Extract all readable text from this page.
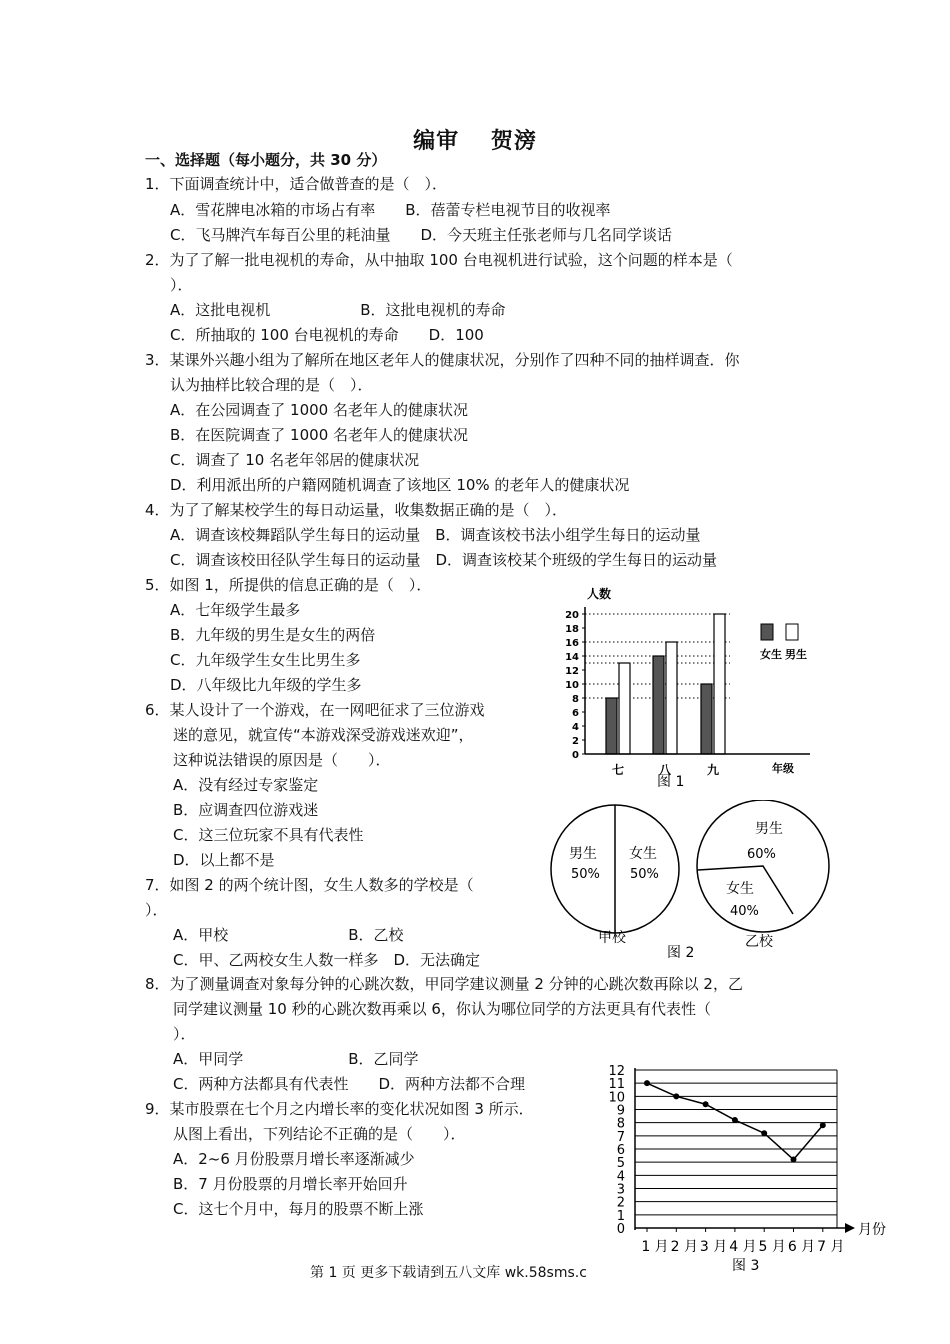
编审　 贺滂
一、选择题（每小题分，共 30 分）
1．下面调查统计中，适合做普查的是（　）．
A．雪花牌电冰箱的市场占有率　　B．蓓蕾专栏电视节目的收视率
C．飞马牌汽车每百公里的耗油量　　D．今天班主任张老师与几名同学谈话
2．为了了解一批电视机的寿命，从中抽取 100 台电视机进行试验，这个问题的样本是（
）．
A．这批电视机　　　　　　B．这批电视机的寿命
C．所抽取的 100 台电视机的寿命　　D．100
3．某课外兴趣小组为了解所在地区老年人的健康状况，分别作了四种不同的抽样调查．你
认为抽样比较合理的是（　）．
A．在公园调查了 1000 名老年人的健康状况
B．在医院调查了 1000 名老年人的健康状况
C．调查了 10 名老年邻居的健康状况
D．利用派出所的户籍网随机调查了该地区 10% 的老年人的健康状况
4．为了了解某校学生的每日动运量，收集数据正确的是（　）．
A．调查该校舞蹈队学生每日的运动量　B．调查该校书法小组学生每日的运动量
C．调查该校田径队学生每日的运动量　D．调查该校某个班级的学生每日的运动量
5．如图 1，所提供的信息正确的是（　）．
A．七年级学生最多
B．九年级的男生是女生的两倍
C．九年级学生女生比男生多
D．八年级比九年级的学生多
6．某人设计了一个游戏，在一网吧征求了三位游戏
迷的意见，就宣传“本游戏深受游戏迷欢迎”，
这种说法错误的原因是（　　）．
A．没有经过专家鉴定
B．应调查四位游戏迷
C．这三位玩家不具有代表性
D．以上都不是
7．如图 2 的两个统计图，女生人数多的学校是（
）．
A．甲校　　　　　　　　B．乙校
C．甲、乙两校女生人数一样多　D．无法确定
8．为了测量调查对象每分钟的心跳次数，甲同学建议测量 2 分钟的心跳次数再除以 2，乙
同学建议测量 10 秒的心跳次数再乘以 6，你认为哪位同学的方法更具有代表性（
）．
A．甲同学　　　　　　　B．乙同学
C．两种方法都具有代表性　　D．两种方法都不合理
9．某市股票在七个月之内增长率的变化状况如图 3 所示．
从图上看出，下列结论不正确的是（　　）．
A．2~6 月份股票月增长率逐渐减少
B．7 月份股票的月增长率开始回升
C．这七个月中，每月的股票不断上涨
七	八	九
0
2
4
6
8
10
12
14
16
18
20
人数
年级
女生 男生
图 1
男生
50%
女生
50%
甲校
男生
60%
女生
40%
乙校
图 2
0
1
2
3
4
5
6
7
8
9
10
11
12
1 月 2 月 3 月 4 月 5 月 6 月 7 月
月份
图 3
第 1 页 更多下载请到五八文库 wk.58sms.c
